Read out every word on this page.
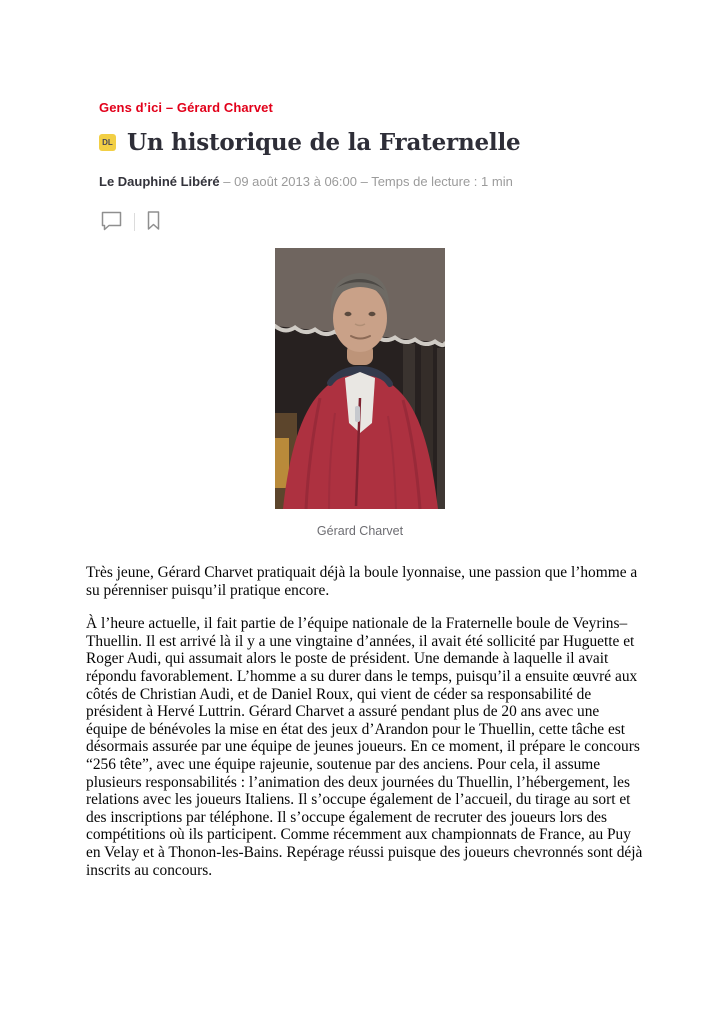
Gens d’ici – Gérard Charvet
DL Un historique de la Fraternelle
Le Dauphiné Libéré – 09 août 2013 à 06:00 – Temps de lecture : 1 min
Gérard Charvet

Très jeune, Gérard Charvet pratiquait déjà la boule lyonnaise, une passion que l’homme a su pérenniser puisqu’il pratique encore.

À l’heure actuelle, il fait partie de l’équipe nationale de la Fraternelle boule de Veyrins–Thuellin. Il est arrivé là il y a une vingtaine d’années, il avait été sollicité par Huguette et Roger Audi, qui assumait alors le poste de président. Une demande à laquelle il avait répondu favorablement. L’homme a su durer dans le temps, puisqu’il a ensuite œuvré aux côtés de Christian Audi, et de Daniel Roux, qui vient de céder sa responsabilité de président à Hervé Luttrin. Gérard Charvet a assuré pendant plus de 20 ans avec une équipe de bénévoles la mise en état des jeux d’Arandon pour le Thuellin, cette tâche est désormais assurée par une équipe de jeunes joueurs. En ce moment, il prépare le concours “256 tête”, avec une équipe rajeunie, soutenue par des anciens. Pour cela, il assume plusieurs responsabilités : l’animation des deux journées du Thuellin, l’hébergement, les relations avec les joueurs Italiens. Il s’occupe également de l’accueil, du tirage au sort et des inscriptions par téléphone. Il s’occupe également de recruter des joueurs lors des compétitions où ils participent. Comme récemment aux championnats de France, au Puy en Velay et à Thonon-les-Bains. Repérage réussi puisque des joueurs chevronnés sont déjà inscrits au concours.
